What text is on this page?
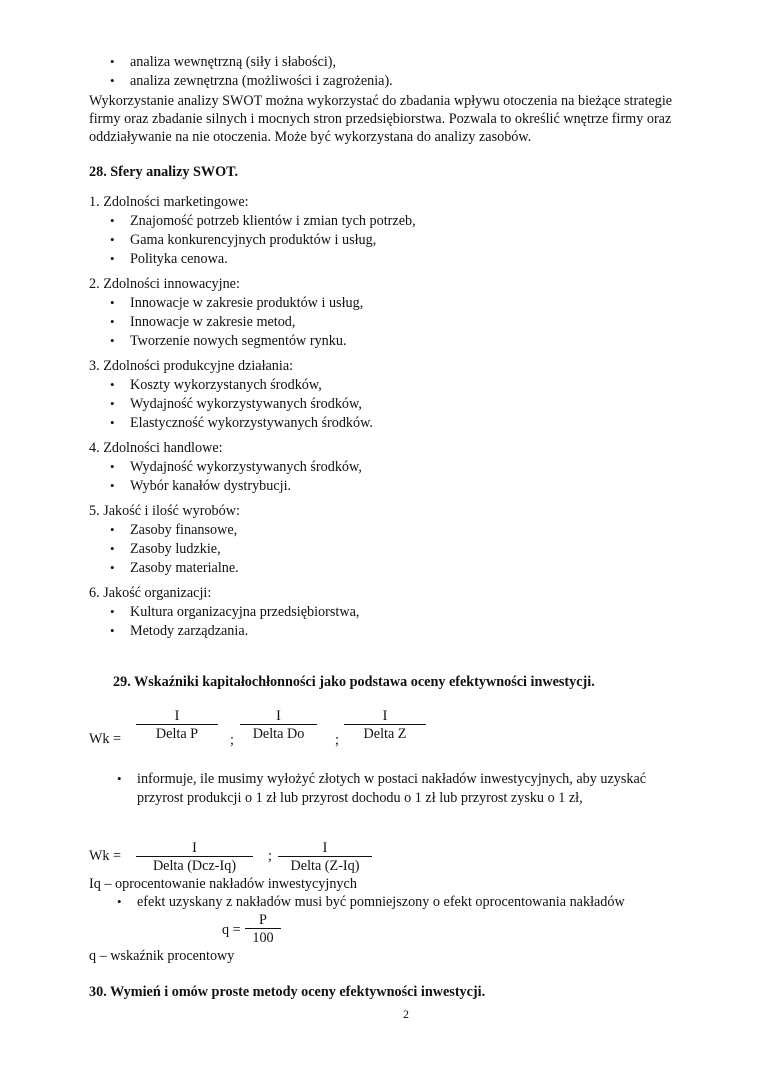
• analiza wewnętrzną (siły i słabości),
• analiza zewnętrzna (możliwości i zagrożenia).
Wykorzystanie analizy SWOT można wykorzystać do zbadania wpływu otoczenia na bieżące strategie
firmy oraz zbadanie silnych i mocnych stron przedsiębiorstwa. Pozwala to określić wnętrze firmy oraz
oddziaływanie na nie otoczenia. Może być wykorzystana do analizy zasobów.
28. Sfery analizy SWOT.
1. Zdolności marketingowe:
• Znajomość potrzeb klientów i zmian tych potrzeb,
• Gama konkurencyjnych produktów i usług,
• Polityka cenowa.
2. Zdolności innowacyjne:
• Innowacje w zakresie produktów i usług,
• Innowacje w zakresie metod,
• Tworzenie nowych segmentów rynku.
3. Zdolności produkcyjne działania:
• Koszty wykorzystanych środków,
• Wydajność wykorzystywanych środków,
• Elastyczność wykorzystywanych środków.
4. Zdolności handlowe:
• Wydajność wykorzystywanych środków,
• Wybór kanałów dystrybucji.
5. Jakość i ilość wyrobów:
• Zasoby finansowe,
• Zasoby ludzkie,
• Zasoby materialne.
6. Jakość organizacji:
• Kultura organizacyjna przedsiębiorstwa,
• Metody zarządzania.
29. Wskaźniki kapitałochłonności jako podstawa oceny efektywności inwestycji.
Wk =
I
Delta P	;
I
Delta Do	;
I
Delta Z
• informuje, ile musimy wyłożyć złotych w postaci nakładów inwestycyjnych, aby uzyskać
przyrost produkcji o 1 zł lub przyrost dochodu o 1 zł lub przyrost zysku o 1 zł,
Wk =	I
Delta (Dcz-Iq)
;	I
Delta (Z-Iq)
Iq – oprocentowanie nakładów inwestycyjnych
• efekt uzyskany z nakładów musi być pomniejszony o efekt oprocentowania nakładów
$q = \frac{P}{100}$
q – wskaźnik procentowy
30. Wymień i omów proste metody oceny efektywności inwestycji.
2
